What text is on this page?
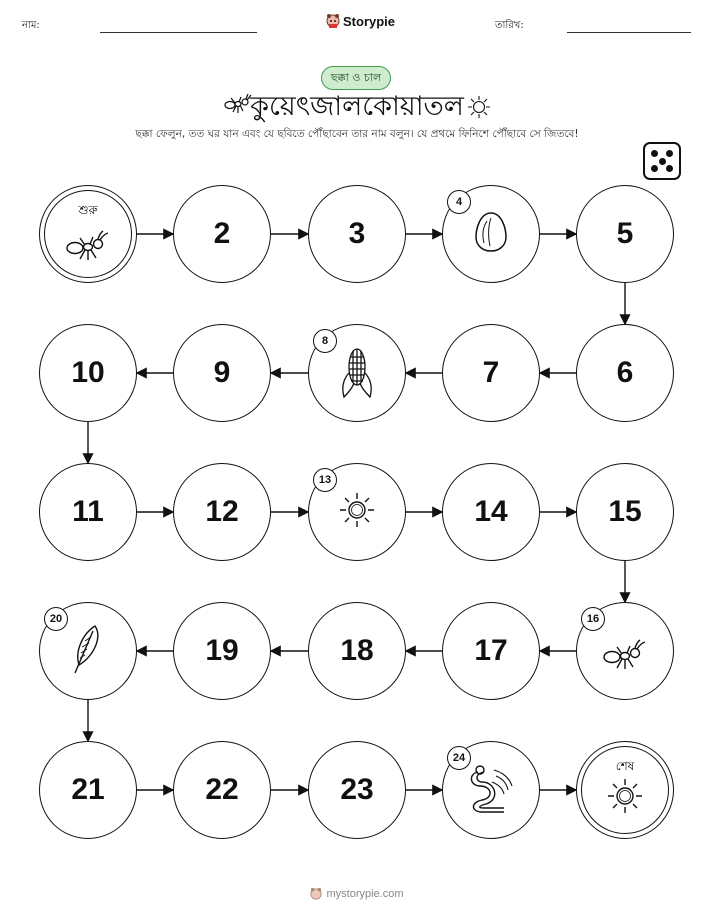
নাম:	Storypie	তারিখ:
ছক্কা ও চাল
কুয়েৎজালকোয়াতল
ছক্কা ফেলুন, তত ঘর যান এবং যে ছবিতে পৌঁছাবেন তার নাম বলুন। যে প্রথমে ফিনিশে পৌঁছাবে সে জিতবে!
শুরু
2	3
4
5
6
7
8
9
10
11	12
13
14	15
16
17
18
19
20
21	22	23
24
শেষ
mystorypie.com
